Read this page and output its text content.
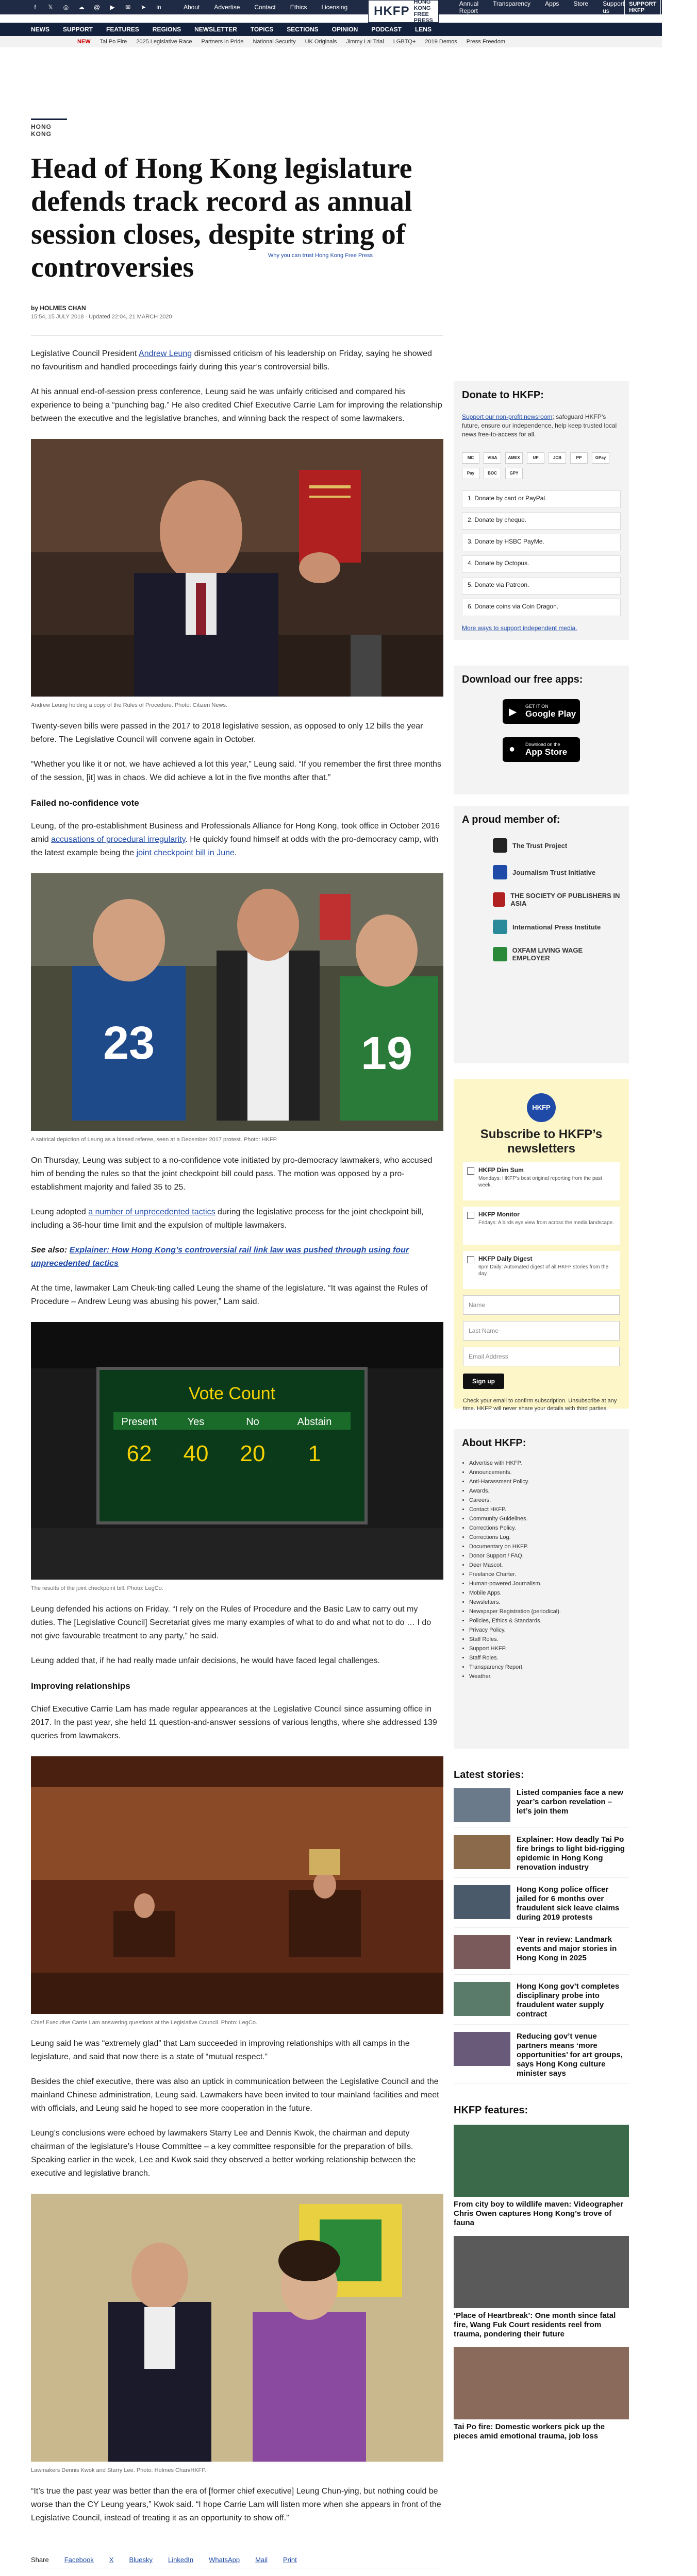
f	𝕏 ◎ ☁ @ ▶ ✉ ➤ in	About Advertise Contact Ethics Licensing HKFP
HONG KONG FREE PRESS
Annual Report
Transparency Apps Store Support us
SUPPORT HKFP
中文(HK)
⌕
NEWS SUPPORT FEATURES REGIONS NEWSLETTER TOPICS SECTIONS OPINION PODCAST LENS
NEW Tai Po Fire 2025 Legislative Race Partners in Pride National Security UK Originals Jimmy Lai Trial LGBTQ+ 2019 Demos Press Freedom
HONG KONG
Head of Hong Kong legislature defends track record as annual session closes, despite string of controversies
by HOLMES CHAN
15:54, 15 JULY 2018 · Updated 22:04, 21 MARCH 2020

Legislative Council President Andrew Leung dismissed criticism of his leadership on Friday, saying he showed no favouritism and handled proceedings fairly during this year’s controversial bills.

At his annual end-of-session press conference, Leung said he was unfairly criticised and compared his experience to being a “punching bag.” He also credited Chief Executive Carrie Lam for improving the relationship between the executive and the legislative branches, and winning back the respect of some lawmakers.

Andrew Leung holding a copy of the Rules of Procedure. Photo: Citizen News.

Twenty-seven bills were passed in the 2017 to 2018 legislative session, as opposed to only 12 bills the year before. The Legislative Council will convene again in October.

“Whether you like it or not, we have achieved a lot this year,” Leung said. “If you remember the first three months of the session, [it] was in chaos. We did achieve a lot in the five months after that.”

Failed no-confidence vote

Leung, of the pro-establishment Business and Professionals Alliance for Hong Kong, took office in October 2016 amid accusations of procedural irregularity. He quickly found himself at odds with the pro-democracy camp, with the latest example being the joint checkpoint bill in June.

23	19
A satirical depiction of Leung as a biased referee, seen at a December 2017 protest. Photo: HKFP.

On Thursday, Leung was subject to a no-confidence vote initiated by pro-democracy lawmakers, who accused him of bending the rules so that the joint checkpoint bill could pass. The motion was opposed by a pro-establishment majority and failed 35 to 25.

Leung adopted a number of unprecedented tactics during the legislative process for the joint checkpoint bill, including a 36-hour time limit and the expulsion of multiple lawmakers.

See also: Explainer: How Hong Kong’s controversial rail link law was pushed through using four unprecedented tactics

At the time, lawmaker Lam Cheuk-ting called Leung the shame of the legislature. “It was against the Rules of Procedure – Andrew Leung was abusing his power,” Lam said.

Vote Count
Present	Yes	No	Abstain
62 40 20 1
The results of the joint checkpoint bill. Photo: LegCo.

Leung defended his actions on Friday. “I rely on the Rules of Procedure and the Basic Law to carry out my duties. The [Legislative Council] Secretariat gives me many examples of what to do and what not to do … I do not give favourable treatment to any party,” he said.

Leung added that, if he had really made unfair decisions, he would have faced legal challenges.

Improving relationships

Chief Executive Carrie Lam has made regular appearances at the Legislative Council since assuming office in 2017. In the past year, she held 11 question-and-answer sessions of various lengths, where she addressed 139 queries from lawmakers.

Chief Executive Carrie Lam answering questions at the Legislative Council. Photo: LegCo.

Leung said he was “extremely glad” that Lam succeeded in improving relationships with all camps in the legislature, and said that now there is a state of “mutual respect.”

Besides the chief executive, there was also an uptick in communication between the Legislative Council and the mainland Chinese administration, Leung said. Lawmakers have been invited to tour mainland facilities and meet with officials, and Leung said he hoped to see more cooperation in the future.

Leung’s conclusions were echoed by lawmakers Starry Lee and Dennis Kwok, the chairman and deputy chairman of the legislature’s House Committee – a key committee responsible for the preparation of bills. Speaking earlier in the week, Lee and Kwok said they observed a better working relationship between the executive and legislative branch.

Lawmakers Dennis Kwok and Starry Lee. Photo: Holmes Chan/HKFP.

“It’s true the past year was better than the era of [former chief executive] Leung Chun-ying, but nothing could be worse than the CY Leung years,” Kwok said. “I hope Carrie Lam will listen more when she appears in front of the Legislative Council, instead of treating it as an opportunity to show off.”

Share Facebook X Bluesky LinkedIn WhatsApp Mail Print
Why you can trust Hong Kong Free Press
Donate to HKFP:
Support our non-profit newsroom; safeguard HKFP’s future, ensure our independence, help keep trusted local news free-to-access for all.
MC	VISA	AMEX	UP	JCB	PP	GPay
Pay	BOC	GPY
1. Donate by card or PayPal.
2. Donate by cheque.
3. Donate by HSBC PayMe.
4. Donate by Octopus.
5. Donate via Patreon.
6. Donate coins via Coin Dragon.
More ways to support independent media.
Download our free apps:
▶ GET IT ON
Google Play
● Download on the
App Store
A proud member of:
The Trust Project
Journalism Trust Initiative
THE SOCIETY OF PUBLISHERS IN ASIA
International Press Institute
OXFAM LIVING WAGE EMPLOYER
HKFP
Subscribe to HKFP’s newsletters
HKFP Dim Sum
Mondays: HKFP’s best original reporting from the past week.
HKFP Monitor
Fridays: A birds eye view from across the media landscape.
HKFP Daily Digest
6pm Daily: Automated digest of all HKFP stories from the day.
Name
Last Name
Email Address
Sign up
Check your email to confirm subscription. Unsubscribe at any time. HKFP will never share your details with third parties.
About HKFP:
• Advertise with HKFP.
• Announcements.
• Anti-Harassment Policy.
• Awards.
• Careers.
• Contact HKFP.
• Community Guidelines.
• Corrections Policy.
• Corrections Log.
• Documentary on HKFP.
• Donor Support / FAQ.
• Deer Mascot.
• Freelance Charter.
• Human-powered Journalism.
• Mobile Apps.
• Newsletters.
• Newspaper Registration (periodical).
• Policies, Ethics & Standards.
• Privacy Policy.
• Staff Roles.
• Support HKFP.
• Staff Roles.
• Transparency Report.
• Weather.
Latest stories:
Listed companies face a new year’s carbon revelation – let’s join them
Explainer: How deadly Tai Po fire brings to light bid-rigging epidemic in Hong Kong renovation industry
Hong Kong police officer jailed for 6 months over fraudulent sick leave claims during 2019 protests
‘Year in review: Landmark events and major stories in Hong Kong in 2025
Hong Kong gov’t completes disciplinary probe into fraudulent water supply contract
Reducing gov’t venue partners means ‘more opportunities’ for art groups, says Hong Kong culture minister says
HKFP features:
From city boy to wildlife maven: Videographer Chris Owen captures Hong Kong’s trove of fauna
‘Place of Heartbreak’: One month since fatal fire, Wang Fuk Court residents reel from trauma, pondering their future
Tai Po fire: Domestic workers pick up the pieces amid emotional trauma, job loss
